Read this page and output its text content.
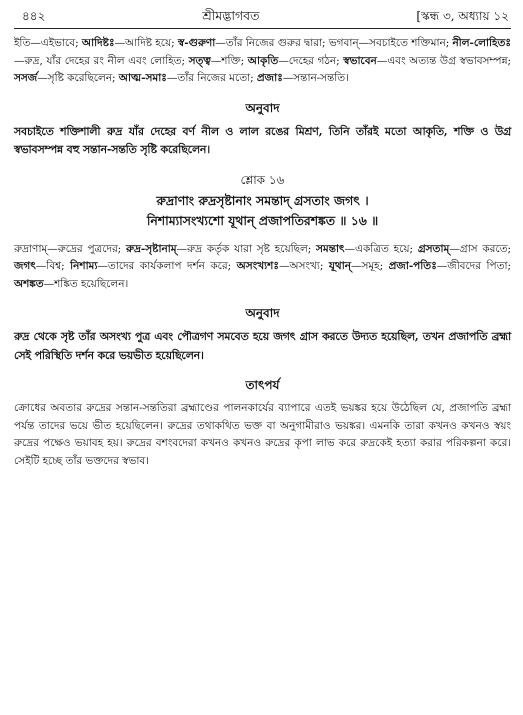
৪৪২	শ্রীমদ্ভাগবত	[স্কন্ধ ৩, অধ্যায় ১২

ইতি—এইভাবে; আদিষ্টঃ—আদিষ্ট হয়ে; স্ব-গুরুণা—তাঁর নিজের গুরুর দ্বারা; ভগবান্—সবচাইতে শক্তিমান; নীল-লোহিতঃ—রুদ্র, যাঁর দেহের রং নীল এবং লোহিত; সত্ত্ব—শক্তি; আকৃতি—দেহের গঠন; স্বভাবেন—এবং অত্যন্ত উগ্র স্বভাবসম্পন্ন; সসর্জ—সৃষ্টি করেছিলেন; আত্ম-সমাঃ—তাঁর নিজের মতো; প্রজাঃ—সন্তান-সন্ততি।

অনুবাদ

সবচাইতে শক্তিশালী রুদ্র যাঁর দেহের বর্ণ নীল ও লাল রঙের মিশ্রণ, তিনি তাঁরই মতো আকৃতি, শক্তি ও উগ্র স্বভাবসম্পন্ন বহু সন্তান-সন্ততি সৃষ্টি করেছিলেন।

শ্লোক ১৬

রুদ্রাণাং রুদ্রসৃষ্টানাং সমন্তাদ্ গ্রসতাং জগৎ ।

নিশাম্যাসংখ্যশো যূথান্ প্রজাপতিরশঙ্কত ॥ ১৬ ॥

রুদ্রাণাম্—রুদ্রের পুত্রদের; রুদ্র-সৃষ্টানাম্—রুদ্র কর্তৃক যারা সৃষ্ট হয়েছিল; সমন্তাৎ—একত্রিত হয়ে; গ্রসতাম্—গ্রাস করতে; জগৎ—বিশ্ব; নিশাম্য—তাদের কার্যকলাপ দর্শন করে; অসংখ্যশঃ—অসংখ্য; যূথান্—সমূহ; প্রজা-পতিঃ—জীবদের পিতা; অশঙ্কত—শঙ্কিত হয়েছিলেন।

অনুবাদ

রুদ্র থেকে সৃষ্ট তাঁর অসংখ্য পুত্র এবং পৌত্রগণ সমবেত হয়ে জগৎ গ্রাস করতে উদ্যত হয়েছিল, তখন প্রজাপতি ব্রহ্মা সেই পরিস্থিতি দর্শন করে ভয়ভীত হয়েছিলেন।

তাৎপর্য

ক্রোধের অবতার রুদ্রের সন্তান-সন্ততিরা ব্রহ্মাণ্ডের পালনকার্যের ব্যাপারে এতই ভয়ঙ্কর হয়ে উঠেছিল যে, প্রজাপতি ব্রহ্মা পর্যন্ত তাদের ভয়ে ভীত হয়েছিলেন। রুদ্রের তথাকথিত ভক্ত বা অনুগামীরাও ভয়ঙ্কর। এমনকি তারা কখনও কখনও স্বয়ং রুদ্রের পক্ষেও ভয়াবহ হয়। রুদ্রের বশংবদেরা কখনও কখনও রুদ্রের কৃপা লাভ করে রুদ্রকেই হত্যা করার পরিকল্পনা করে। সেইটি হচ্ছে তাঁর ভক্তদের স্বভাব।
